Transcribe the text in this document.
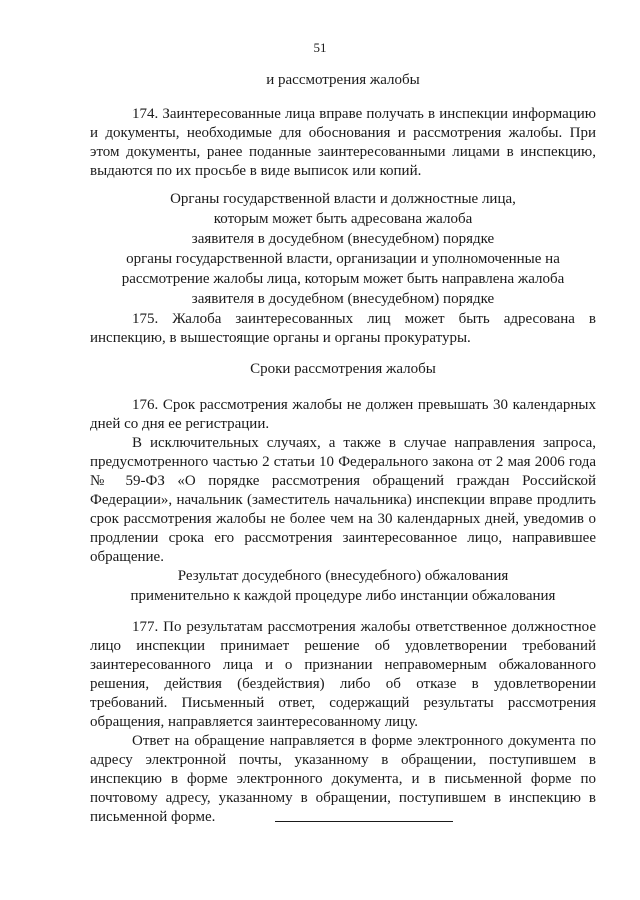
51
и рассмотрения жалобы

174. Заинтересованные лица вправе получать в инспекции информацию и документы, необходимые для обоснования и рассмотрения жалобы. При этом документы, ранее поданные заинтересованными лицами в инспекцию, выдаются по их просьбе в виде выписок или копий.

Органы государственной власти и должностные лица,
которым может быть адресована жалоба
заявителя в досудебном (внесудебном) порядке
органы государственной власти, организации и уполномоченные на
рассмотрение жалобы лица, которым может быть направлена жалоба
заявителя в досудебном (внесудебном) порядке

175. Жалоба заинтересованных лиц может быть адресована в инспекцию, в вышестоящие органы и органы прокуратуры.

Сроки рассмотрения жалобы

176. Срок рассмотрения жалобы не должен превышать 30 календарных дней со дня ее регистрации.

В исключительных случаях, а также в случае направления запроса, предусмотренного частью 2 статьи 10 Федерального закона от 2 мая 2006 года № 59-ФЗ «О порядке рассмотрения обращений граждан Российской Федерации», начальник (заместитель начальника) инспекции вправе продлить срок рассмотрения жалобы не более чем на 30 календарных дней, уведомив о продлении срока его рассмотрения заинтересованное лицо, направившее обращение.

Результат досудебного (внесудебного) обжалования
применительно к каждой процедуре либо инстанции обжалования

177. По результатам рассмотрения жалобы ответственное должностное лицо инспекции принимает решение об удовлетворении требований заинтересованного лица и о признании неправомерным обжалованного решения, действия (бездействия) либо об отказе в удовлетворении требований. Письменный ответ, содержащий результаты рассмотрения обращения, направляется заинтересованному лицу.

Ответ на обращение направляется в форме электронного документа по адресу электронной почты, указанному в обращении, поступившем в инспекцию в форме электронного документа, и в письменной форме по почтовому адресу, указанному в обращении, поступившем в инспекцию в письменной форме.
